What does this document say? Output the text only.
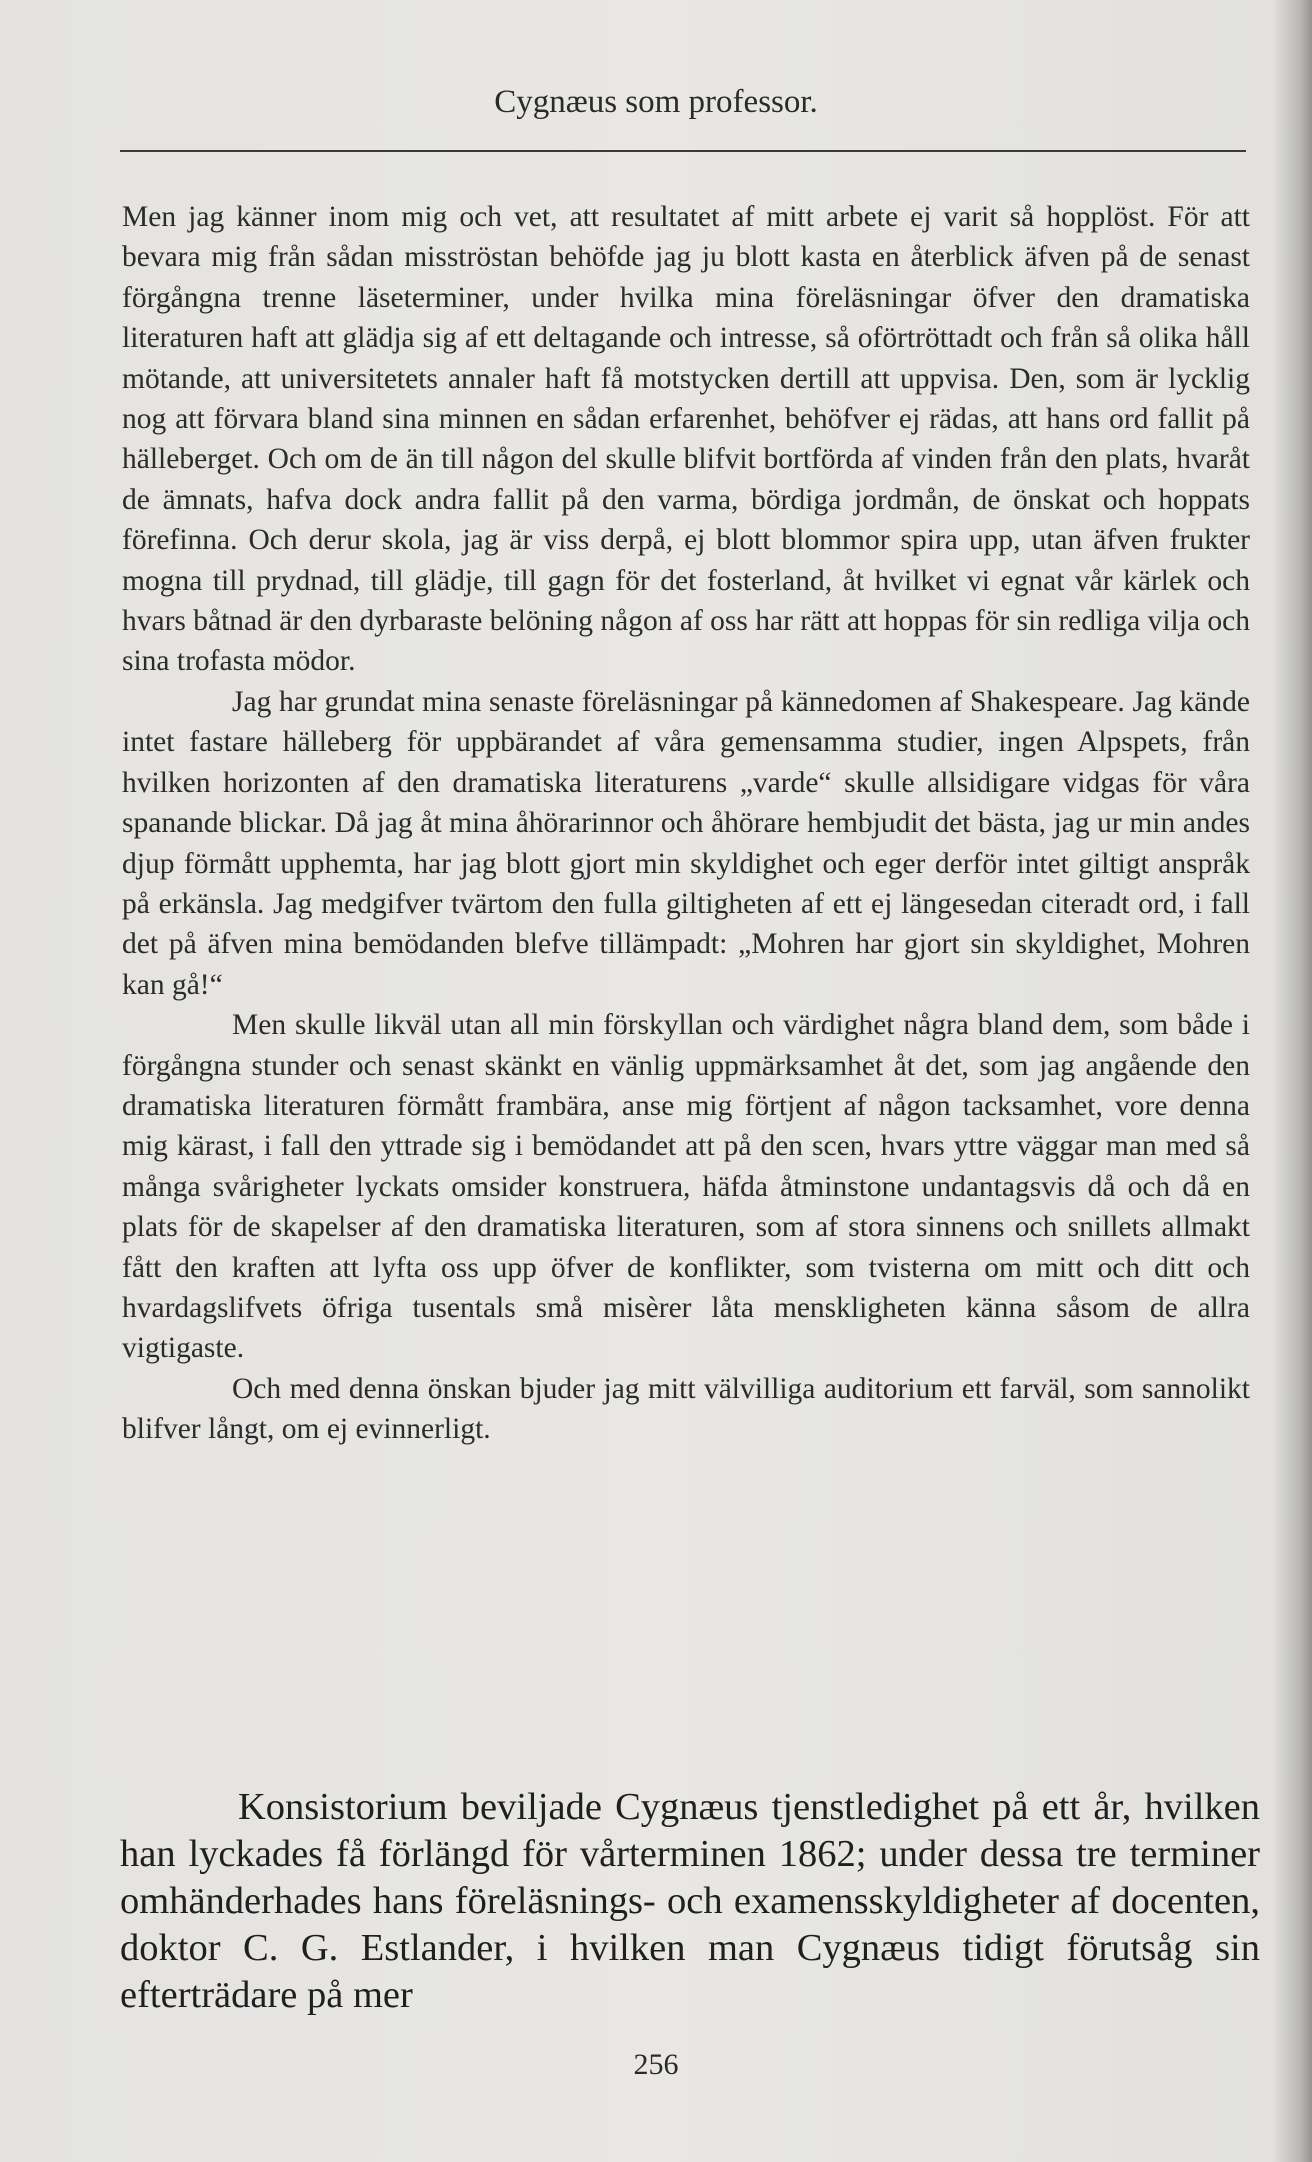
Cygnæus som professor.

Men jag känner inom mig och vet, att resultatet af mitt arbete ej varit så hopplöst. För att bevara mig från sådan misströstan behöfde jag ju blott kasta en återblick äfven på de senast förgångna trenne läseterminer, under hvilka mina föreläsningar öfver den dramatiska literaturen haft att glädja sig af ett deltagande och intresse, så oförtröttadt och från så olika håll mötande, att universitetets annaler haft få motstycken dertill att uppvisa. Den, som är lycklig nog att förvara bland sina minnen en sådan erfarenhet, behöfver ej rädas, att hans ord fallit på hälleberget. Och om de än till någon del skulle blifvit bortförda af vinden från den plats, hvaråt de ämnats, hafva dock andra fallit på den varma, bördiga jordmån, de önskat och hoppats förefinna. Och derur skola, jag är viss derpå, ej blott blommor spira upp, utan äfven frukter mogna till prydnad, till glädje, till gagn för det fosterland, åt hvilket vi egnat vår kärlek och hvars båtnad är den dyrbaraste belöning någon af oss har rätt att hoppas för sin redliga vilja och sina trofasta mödor.

Jag har grundat mina senaste föreläsningar på kännedomen af Shakespeare. Jag kände intet fastare hälleberg för uppbärandet af våra gemensamma studier, ingen Alpspets, från hvilken horizonten af den dramatiska literaturens „varde“ skulle allsidigare vidgas för våra spanande blickar. Då jag åt mina åhörarinnor och åhörare hembjudit det bästa, jag ur min andes djup förmått upphemta, har jag blott gjort min skyldighet och eger derför intet giltigt anspråk på erkänsla. Jag medgifver tvärtom den fulla giltigheten af ett ej längesedan citeradt ord, i fall det på äfven mina bemödanden blefve tillämpadt: „Mohren har gjort sin skyldighet, Mohren kan gå!“

Men skulle likväl utan all min förskyllan och värdighet några bland dem, som både i förgångna stunder och senast skänkt en vänlig uppmärksamhet åt det, som jag angående den dramatiska literaturen förmått frambära, anse mig förtjent af någon tacksamhet, vore denna mig kärast, i fall den yttrade sig i bemödandet att på den scen, hvars yttre väggar man med så många svårigheter lyckats omsider konstruera, häfda åtminstone undantagsvis då och då en plats för de skapelser af den dramatiska literaturen, som af stora sinnens och snillets allmakt fått den kraften att lyfta oss upp öfver de konflikter, som tvisterna om mitt och ditt och hvardagslifvets öfriga tusentals små misèrer låta menskligheten känna såsom de allra vigtigaste.

Och med denna önskan bjuder jag mitt välvilliga auditorium ett farväl, som sannolikt blifver långt, om ej evinnerligt.

Konsistorium beviljade Cygnæus tjenstledighet på ett år, hvilken han lyckades få förlängd för vårterminen 1862; under dessa tre terminer omhänderhades hans föreläsnings- och examensskyldigheter af docenten, doktor C. G. Estlander, i hvilken man Cygnæus tidigt förutsåg sin efterträdare på mer

256
